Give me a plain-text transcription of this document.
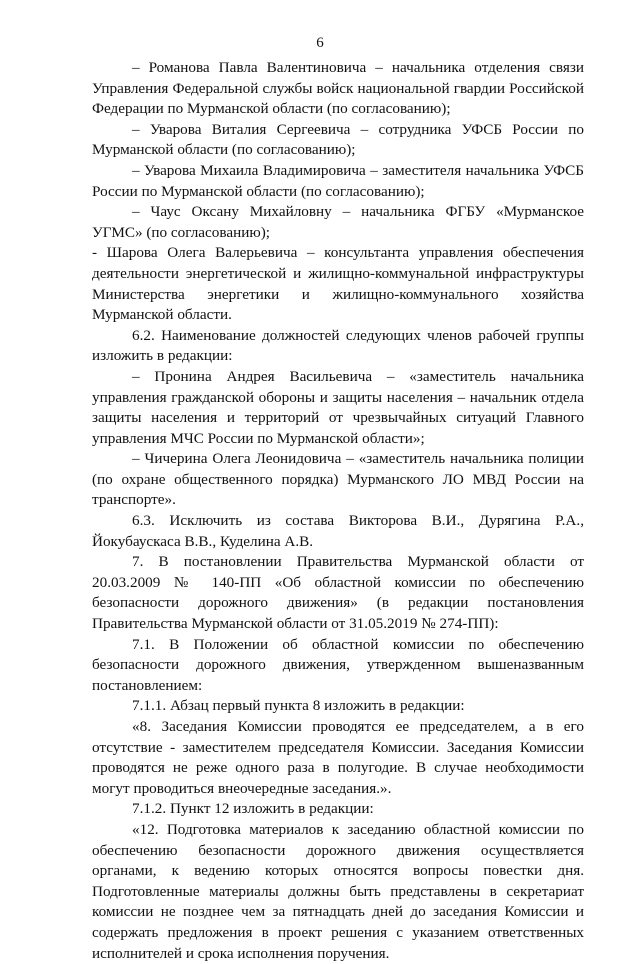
6

– Романова Павла Валентиновича – начальника отделения связи Управления Федеральной службы войск национальной гвардии Российской Федерации по Мурманской области (по согласованию);

– Уварова Виталия Сергеевича – сотрудника УФСБ России по Мурманской области (по согласованию);

– Уварова Михаила Владимировича – заместителя начальника УФСБ России по Мурманской области (по согласованию);

– Чаус Оксану Михайловну – начальника ФГБУ «Мурманское УГМС» (по согласованию);

- Шарова Олега Валерьевича – консультанта управления обеспечения деятельности энергетической и жилищно-коммунальной инфраструктуры Министерства энергетики и жилищно-коммунального хозяйства Мурманской области.

6.2. Наименование должностей следующих членов рабочей группы изложить в редакции:

– Пронина Андрея Васильевича – «заместитель начальника управления гражданской обороны и защиты населения – начальник отдела защиты населения и территорий от чрезвычайных ситуаций Главного управления МЧС России по Мурманской области»;

– Чичерина Олега Леонидовича – «заместитель начальника полиции (по охране общественного порядка) Мурманского ЛО МВД России на транспорте».

6.3. Исключить из состава Викторова В.И., Дурягина Р.А., Йокубаускаса В.В., Куделина А.В.

7. В постановлении Правительства Мурманской области от 20.03.2009 № 140-ПП «Об областной комиссии по обеспечению безопасности дорожного движения» (в редакции постановления Правительства Мурманской области от 31.05.2019 № 274-ПП):

7.1. В Положении об областной комиссии по обеспечению безопасности дорожного движения, утвержденном вышеназванным постановлением:

7.1.1. Абзац первый пункта 8 изложить в редакции:

«8. Заседания Комиссии проводятся ее председателем, а в его отсутствие - заместителем председателя Комиссии. Заседания Комиссии проводятся не реже одного раза в полугодие. В случае необходимости могут проводиться внеочередные заседания.».

7.1.2. Пункт 12 изложить в редакции:

«12. Подготовка материалов к заседанию областной комиссии по обеспечению безопасности дорожного движения осуществляется органами, к ведению которых относятся вопросы повестки дня. Подготовленные материалы должны быть представлены в секретариат комиссии не позднее чем за пятнадцать дней до заседания Комиссии и содержать предложения в проект решения с указанием ответственных исполнителей и срока исполнения поручения.
